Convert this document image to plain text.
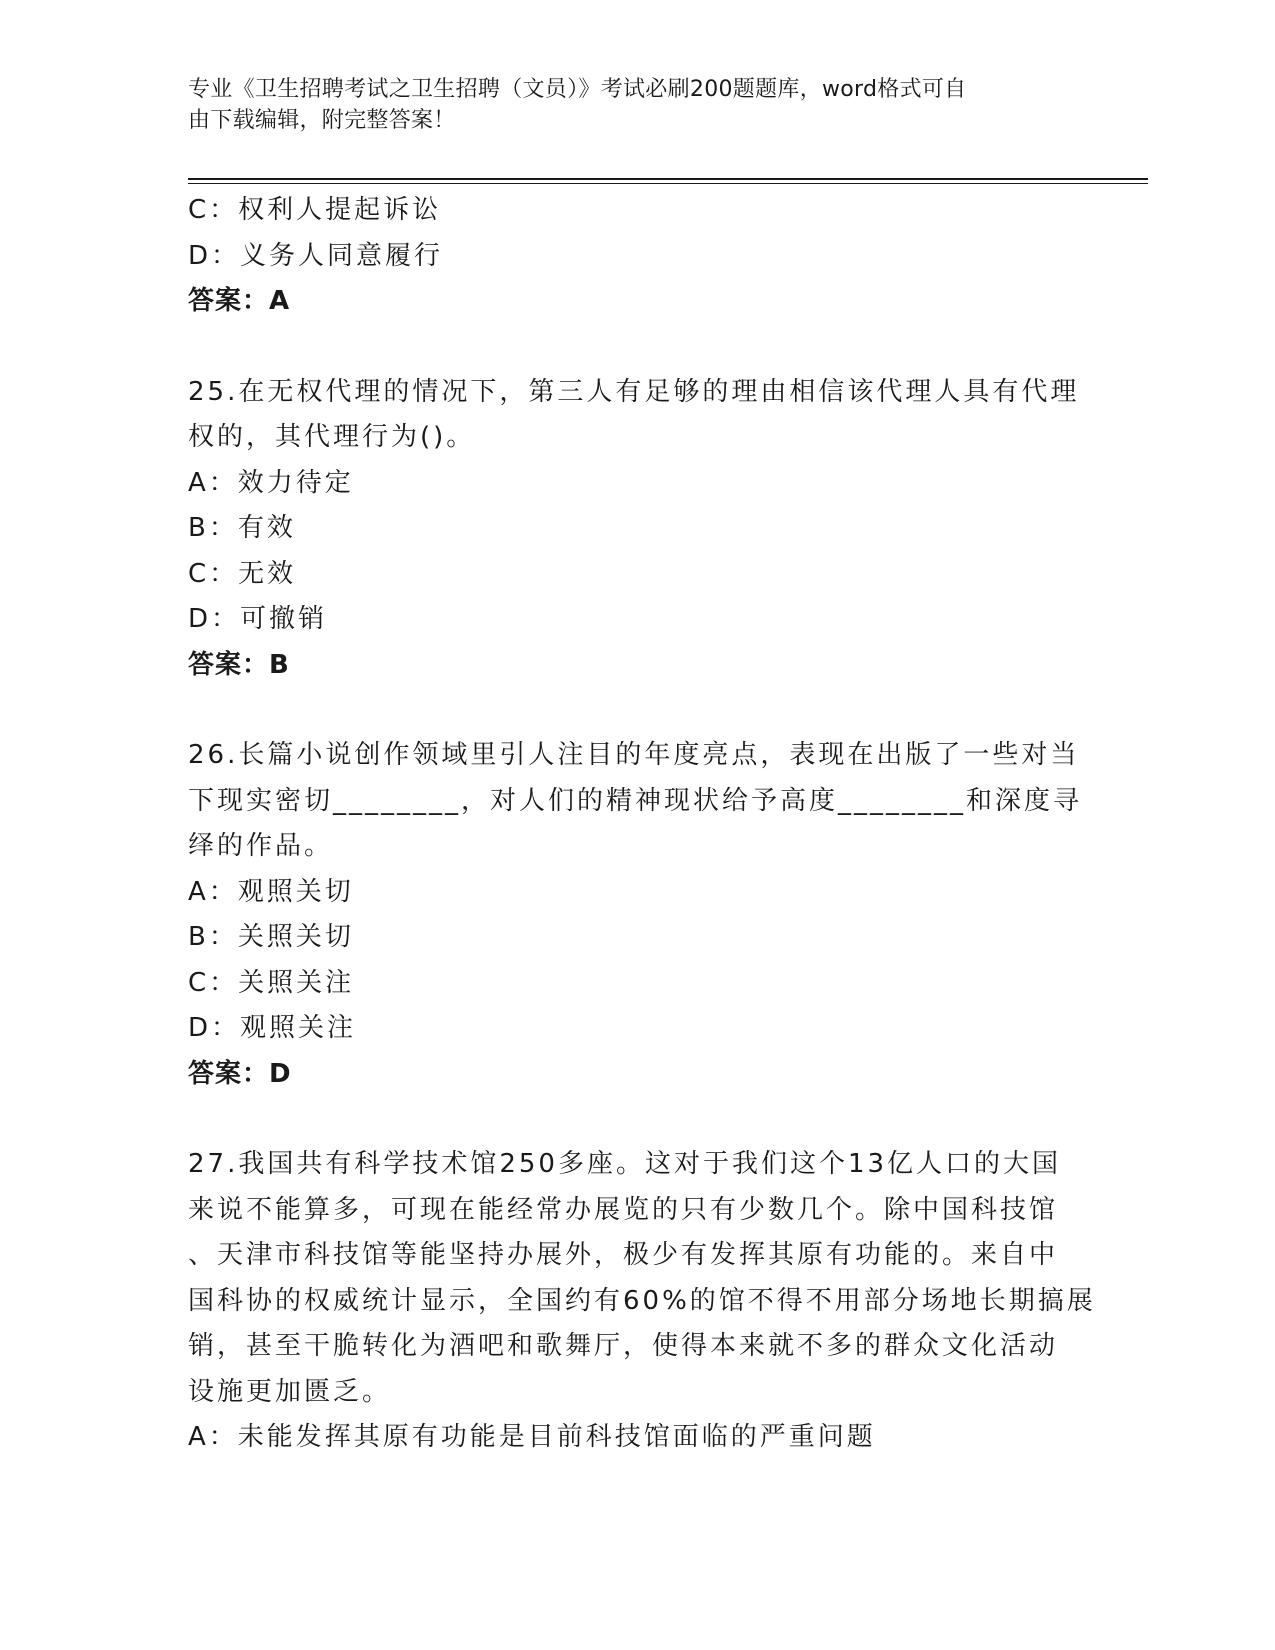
专业《卫生招聘考试之卫生招聘（文员）》考试必刷200题题库，word格式可自
由下载编辑，附完整答案！
C：权利人提起诉讼
D：义务人同意履行
答案：A
25.在无权代理的情况下，第三人有足够的理由相信该代理人具有代理
权的，其代理行为()。
A：效力待定
B：有效
C：无效
D：可撤销
答案：B
26.长篇小说创作领域里引人注目的年度亮点，表现在出版了一些对当
下现实密切________，对人们的精神现状给予高度________和深度寻
绎的作品。
A：观照关切
B：关照关切
C：关照关注
D：观照关注
答案：D
27.我国共有科学技术馆250多座。这对于我们这个13亿人口的大国
来说不能算多，可现在能经常办展览的只有少数几个。除中国科技馆
、天津市科技馆等能坚持办展外，极少有发挥其原有功能的。来自中
国科协的权威统计显示，全国约有60%的馆不得不用部分场地长期搞展
销，甚至干脆转化为酒吧和歌舞厅，使得本来就不多的群众文化活动
设施更加匮乏。
A：未能发挥其原有功能是目前科技馆面临的严重问题
